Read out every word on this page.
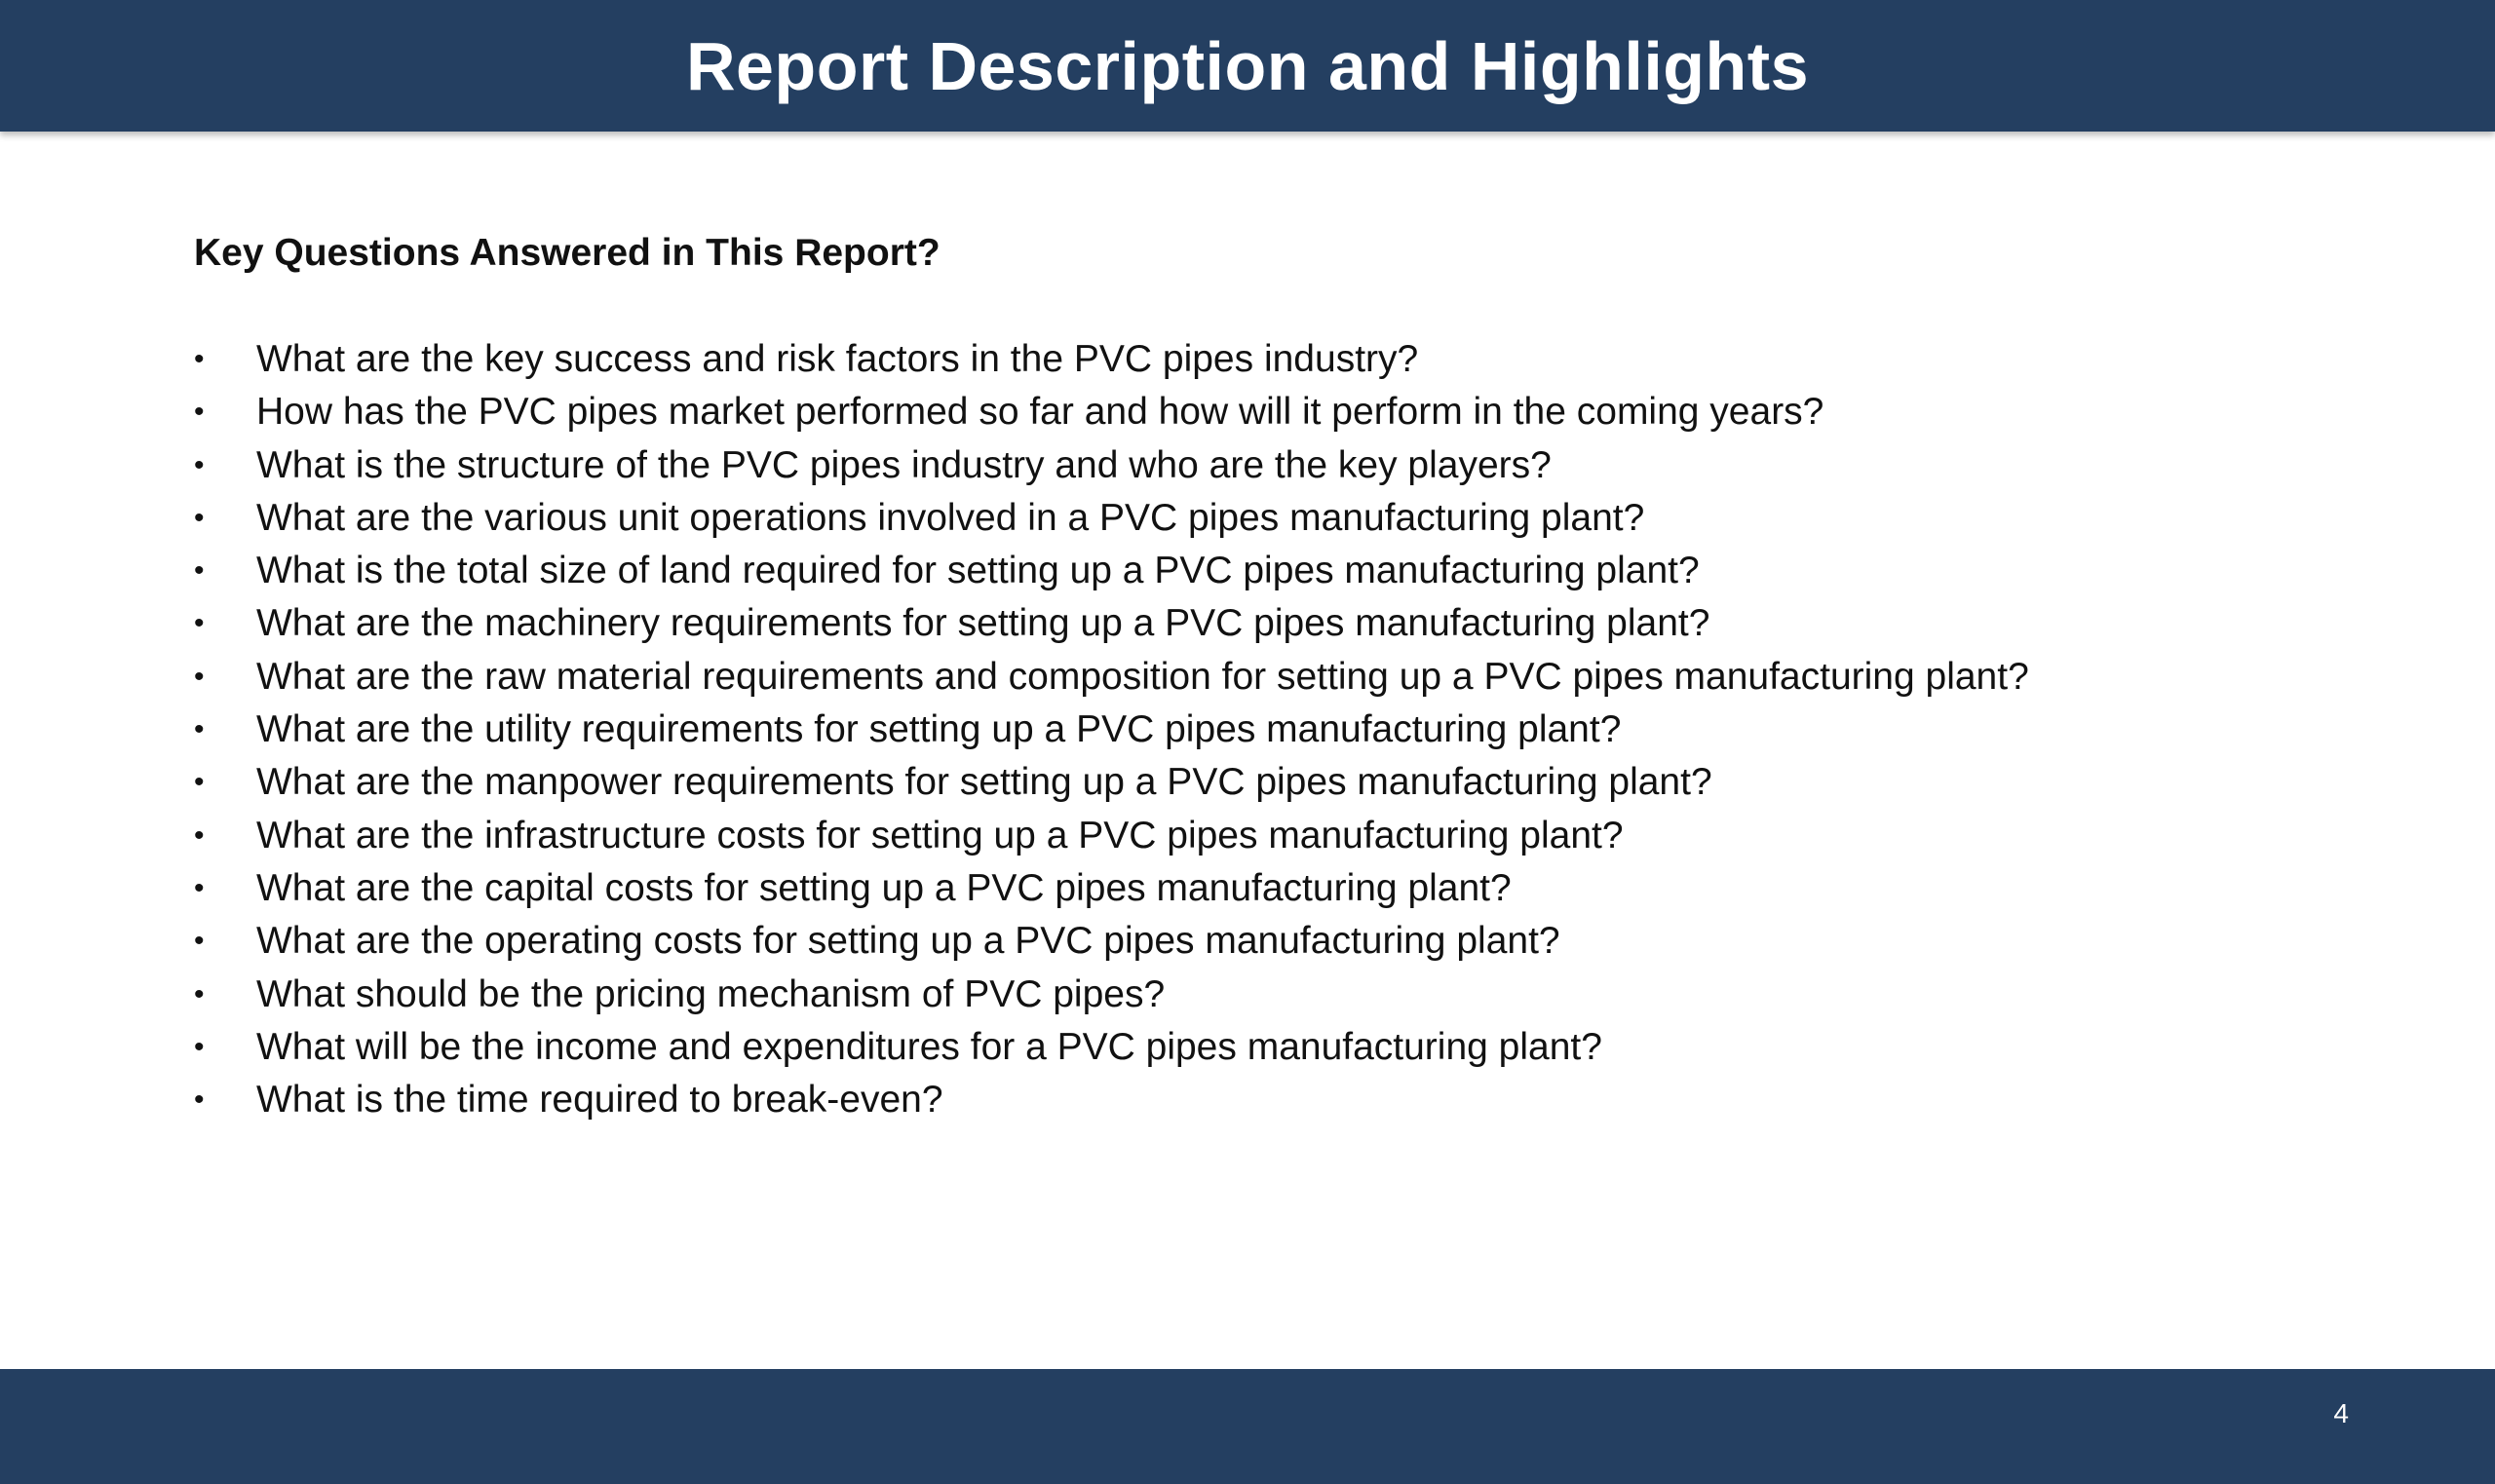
Report Description and Highlights
Key Questions Answered in This Report?
• What are the key success and risk factors in the PVC pipes industry?
• How has the PVC pipes market performed so far and how will it perform in the coming years?
• What is the structure of the PVC pipes industry and who are the key players?
• What are the various unit operations involved in a PVC pipes manufacturing plant?
• What is the total size of land required for setting up a PVC pipes manufacturing plant?
• What are the machinery requirements for setting up a PVC pipes manufacturing plant?
• What are the raw material requirements and composition for setting up a PVC pipes manufacturing plant?
• What are the utility requirements for setting up a PVC pipes manufacturing plant?
• What are the manpower requirements for setting up a PVC pipes manufacturing plant?
• What are the infrastructure costs for setting up a PVC pipes manufacturing plant?
• What are the capital costs for setting up a PVC pipes manufacturing plant?
• What are the operating costs for setting up a PVC pipes manufacturing plant?
• What should be the pricing mechanism of PVC pipes?
• What will be the income and expenditures for a PVC pipes manufacturing plant?
• What is the time required to break-even?
4
